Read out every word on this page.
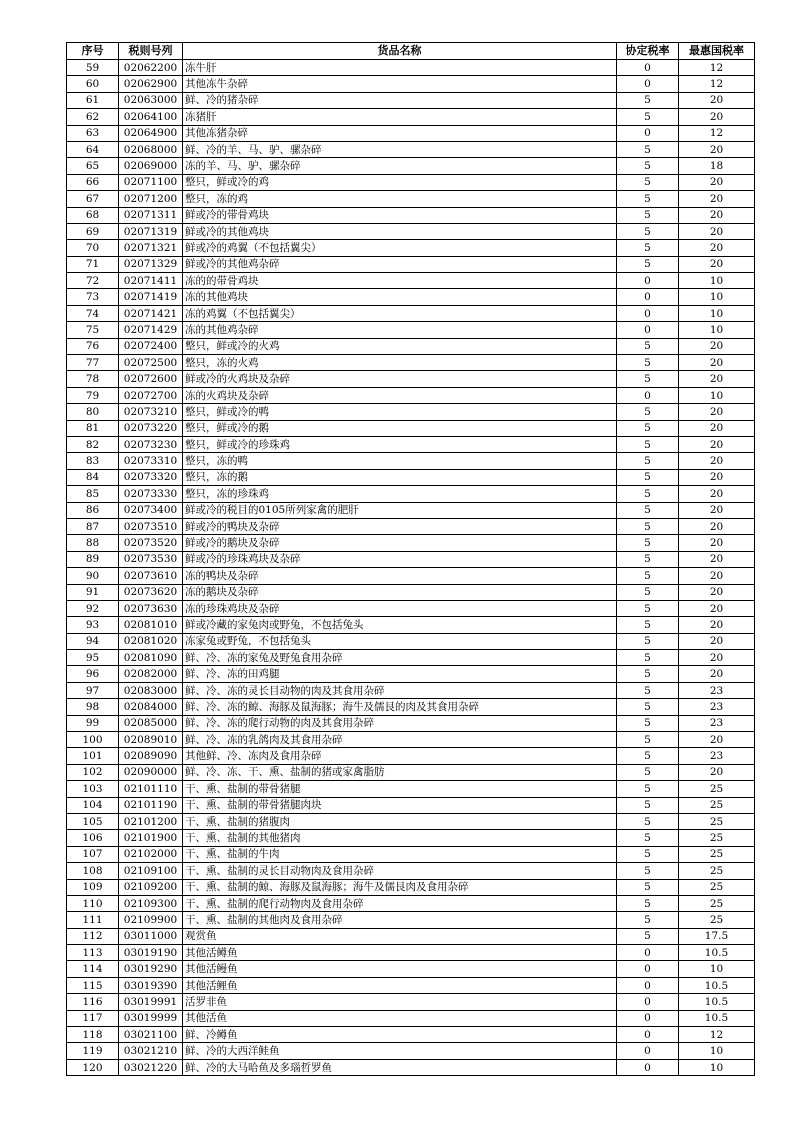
序号	税则号列	货品名称	协定税率	最惠国税率
59	02062200	冻牛肝	0	12
60	02062900	其他冻牛杂碎	0	12
61	02063000	鲜、冷的猪杂碎	5	20
62	02064100	冻猪肝	5	20
63	02064900	其他冻猪杂碎	0	12
64	02068000	鲜、冷的羊、马、驴、骡杂碎	5	20
65	02069000	冻的羊、马、驴、骡杂碎	5	18
66	02071100	整只，鲜或冷的鸡	5	20
67	02071200	整只，冻的鸡	5	20
68	02071311	鲜或冷的带骨鸡块	5	20
69	02071319	鲜或冷的其他鸡块	5	20
70	02071321	鲜或冷的鸡翼（不包括翼尖）	5	20
71	02071329	鲜或冷的其他鸡杂碎	5	20
72	02071411	冻的的带骨鸡块	0	10
73	02071419	冻的其他鸡块	0	10
74	02071421	冻的鸡翼（不包括翼尖）	0	10
75	02071429	冻的其他鸡杂碎	0	10
76	02072400	整只，鲜或冷的火鸡	5	20
77	02072500	整只，冻的火鸡	5	20
78	02072600	鲜或冷的火鸡块及杂碎	5	20
79	02072700	冻的火鸡块及杂碎	0	10
80	02073210	整只，鲜或冷的鸭	5	20
81	02073220	整只，鲜或冷的鹅	5	20
82	02073230	整只，鲜或冷的珍珠鸡	5	20
83	02073310	整只，冻的鸭	5	20
84	02073320	整只，冻的鹅	5	20
85	02073330	整只，冻的珍珠鸡	5	20
86	02073400	鲜或冷的税目的0105所列家禽的肥肝	5	20
87	02073510	鲜或冷的鸭块及杂碎	5	20
88	02073520	鲜或冷的鹅块及杂碎	5	20
89	02073530	鲜或冷的珍珠鸡块及杂碎	5	20
90	02073610	冻的鸭块及杂碎	5	20
91	02073620	冻的鹅块及杂碎	5	20
92	02073630	冻的珍珠鸡块及杂碎	5	20
93	02081010	鲜或冷藏的家兔肉或野兔，不包括兔头	5	20
94	02081020	冻家兔或野兔，不包括兔头	5	20
95	02081090	鲜、冷、冻的家兔及野兔食用杂碎	5	20
96	02082000	鲜、冷、冻的田鸡腿	5	20
97	02083000	鲜、冷、冻的灵长目动物的肉及其食用杂碎	5	23
98	02084000	鲜、冷、冻的鲸、海豚及鼠海豚；海牛及儒艮的肉及其食用杂碎	5	23
99	02085000	鲜、冷、冻的爬行动物的肉及其食用杂碎	5	23
100	02089010	鲜、冷、冻的乳鸽肉及其食用杂碎	5	20
101	02089090	其他鲜、冷、冻肉及食用杂碎	5	23
102	02090000	鲜、冷、冻、干、熏、盐制的猪或家禽脂肪	5	20
103	02101110	干、熏、盐制的带骨猪腿	5	25
104	02101190	干、熏、盐制的带骨猪腿肉块	5	25
105	02101200	干、熏、盐制的猪腹肉	5	25
106	02101900	干、熏、盐制的其他猪肉	5	25
107	02102000	干、熏、盐制的牛肉	5	25
108	02109100	干、熏、盐制的灵长目动物肉及食用杂碎	5	25
109	02109200	干、熏、盐制的鲸、海豚及鼠海豚；海牛及儒艮肉及食用杂碎	5	25
110	02109300	干、熏、盐制的爬行动物肉及食用杂碎	5	25
111	02109900	干、熏、盐制的其他肉及食用杂碎	5	25
112	03011000	观赏鱼	5	17.5
113	03019190	其他活鳟鱼	0	10.5
114	03019290	其他活鳗鱼	0	10
115	03019390	其他活鲤鱼	0	10.5
116	03019991	活罗非鱼	0	10.5
117	03019999	其他活鱼	0	10.5
118	03021100	鲜、冷鳟鱼	0	12
119	03021210	鲜、冷的大西洋鲑鱼	0	10
120	03021220	鲜、冷的大马哈鱼及多瑙哲罗鱼	0	10
